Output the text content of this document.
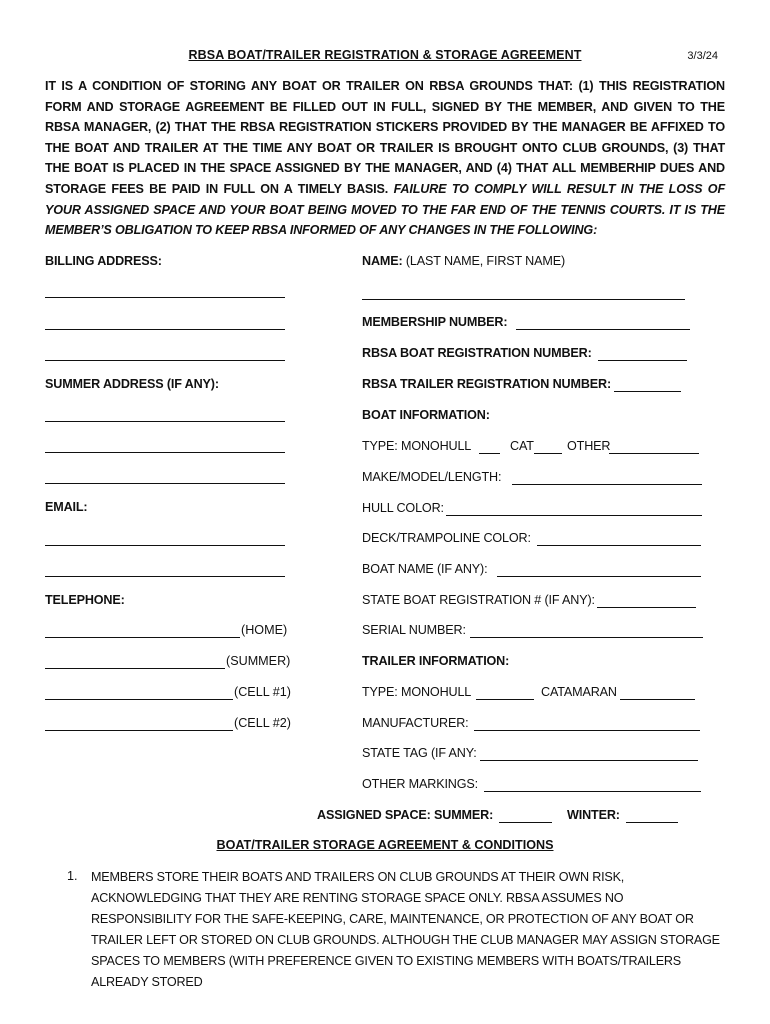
RBSA BOAT/TRAILER REGISTRATION & STORAGE AGREEMENT	3/3/24
IT IS A CONDITION OF STORING ANY BOAT OR TRAILER ON RBSA GROUNDS THAT: (1) THIS REGISTRATION FORM AND STORAGE AGREEMENT BE FILLED OUT IN FULL, SIGNED BY THE MEMBER, AND GIVEN TO THE RBSA MANAGER, (2) THAT THE RBSA REGISTRATION STICKERS PROVIDED BY THE MANAGER BE AFFIXED TO THE BOAT AND TRAILER AT THE TIME ANY BOAT OR TRAILER IS BROUGHT ONTO CLUB GROUNDS, (3) THAT THE BOAT IS PLACED IN THE SPACE ASSIGNED BY THE MANAGER, AND (4) THAT ALL MEMBERHIP DUES AND STORAGE FEES BE PAID IN FULL ON A TIMELY BASIS. FAILURE TO COMPLY WILL RESULT IN THE LOSS OF YOUR ASSIGNED SPACE AND YOUR BOAT BEING MOVED TO THE FAR END OF THE TENNIS COURTS. IT IS THE MEMBER’S OBLIGATION TO KEEP RBSA INFORMED OF ANY CHANGES IN THE FOLLOWING:
BILLING ADDRESS:
SUMMER ADDRESS (IF ANY):
EMAIL:
TELEPHONE:
(HOME)
(SUMMER)
(CELL #1)
(CELL #2)
NAME: (LAST NAME, FIRST NAME)
MEMBERSHIP NUMBER:
RBSA BOAT REGISTRATION NUMBER:
RBSA TRAILER REGISTRATION NUMBER:
BOAT INFORMATION:
TYPE: MONOHULL	CAT	OTHER
MAKE/MODEL/LENGTH:
HULL COLOR:
DECK/TRAMPOLINE COLOR:
BOAT NAME (IF ANY):
STATE BOAT REGISTRATION # (IF ANY):
SERIAL NUMBER:
TRAILER INFORMATION:
TYPE: MONOHULL	CATAMARAN
MANUFACTURER:
STATE TAG (IF ANY:
OTHER MARKINGS:
ASSIGNED SPACE: SUMMER:	WINTER:
BOAT/TRAILER STORAGE AGREEMENT & CONDITIONS
1. MEMBERS STORE THEIR BOATS AND TRAILERS ON CLUB GROUNDS AT THEIR OWN RISK, ACKNOWLEDGING THAT THEY ARE RENTING STORAGE SPACE ONLY. RBSA ASSUMES NO RESPONSIBILITY FOR THE SAFE-KEEPING, CARE, MAINTENANCE, OR PROTECTION OF ANY BOAT OR TRAILER LEFT OR STORED ON CLUB GROUNDS. ALTHOUGH THE CLUB MANAGER MAY ASSIGN STORAGE SPACES TO MEMBERS (WITH PREFERENCE GIVEN TO EXISTING MEMBERS WITH BOATS/TRAILERS ALREADY STORED
